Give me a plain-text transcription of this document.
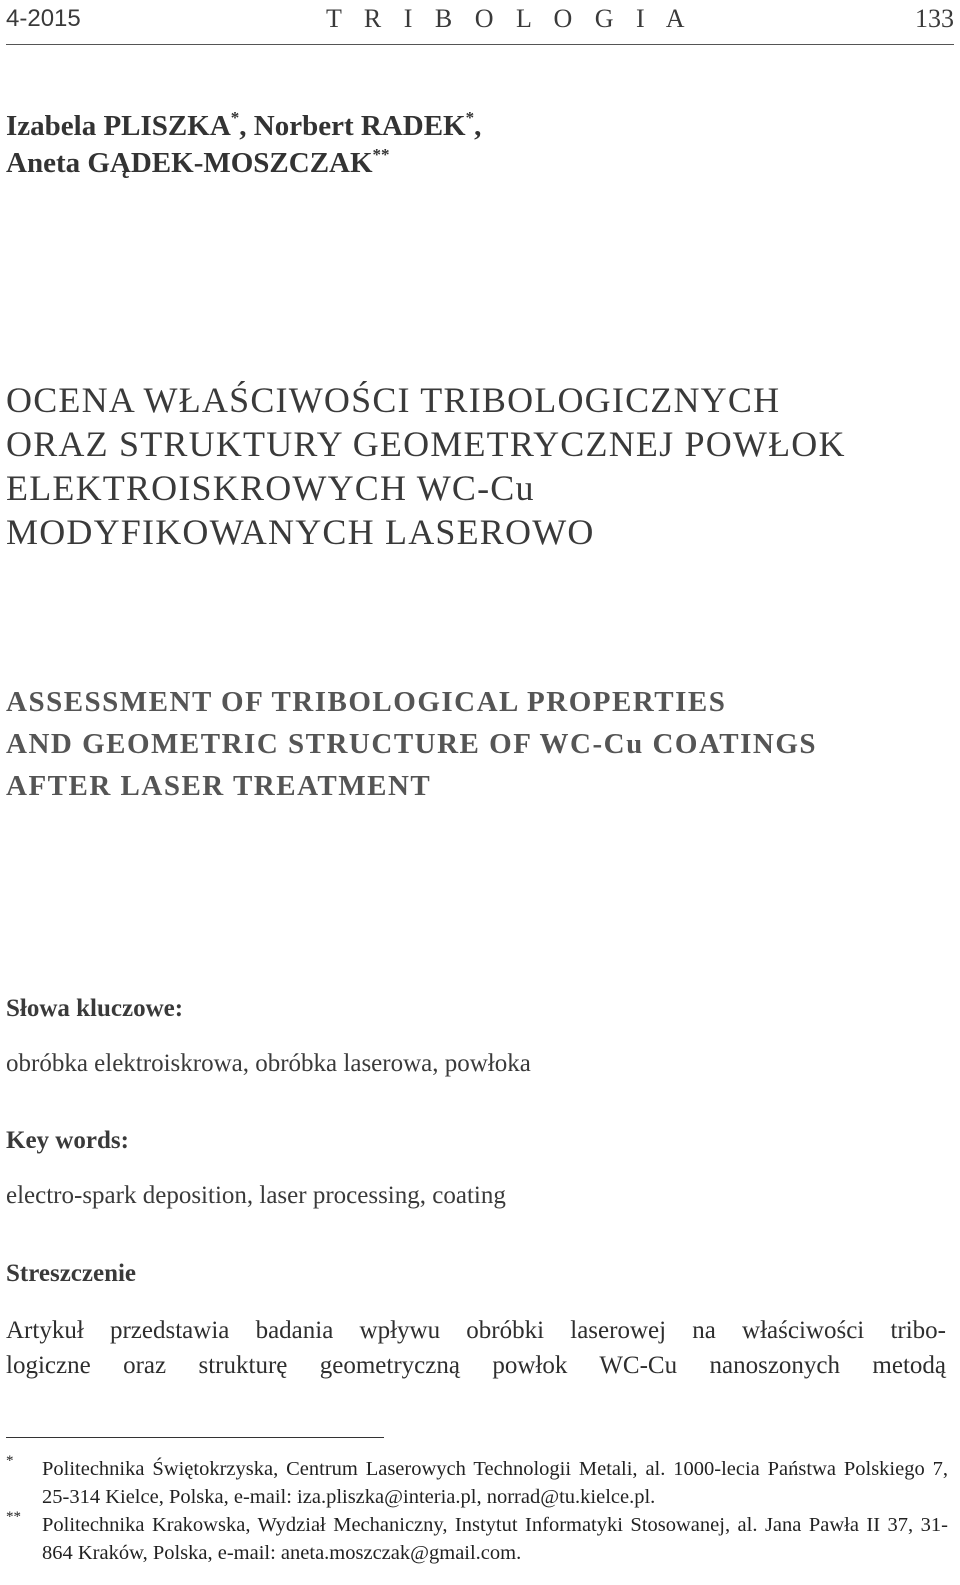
4-2015	T R I B O L O G I A	133
Izabela PLISZKA*, Norbert RADEK*,
Aneta GĄDEK-MOSZCZAK**
OCENA WŁAŚCIWOŚCI TRIBOLOGICZNYCH
ORAZ STRUKTURY GEOMETRYCZNEJ POWŁOK
ELEKTROISKROWYCH WC-Cu
MODYFIKOWANYCH LASEROWO
ASSESSMENT OF TRIBOLOGICAL PROPERTIES
AND GEOMETRIC STRUCTURE OF WC-Cu COATINGS
AFTER LASER TREATMENT
Słowa kluczowe:
obróbka elektroiskrowa, obróbka laserowa, powłoka
Key words:
electro-spark deposition, laser processing, coating
Streszczenie

Artykuł przedstawia badania wpływu obróbki laserowej na właściwości tribo-

logiczne oraz strukturę geometryczną powłok WC-Cu nanoszonych metodą

* Politechnika Świętokrzyska, Centrum Laserowych Technologii Metali, al. 1000-lecia Państwa Polskiego 7, 25-314 Kielce, Polska, e-mail: iza.pliszka@interia.pl, norrad@tu.kielce.pl.
** Politechnika Krakowska, Wydział Mechaniczny, Instytut Informatyki Stosowanej, al. Jana Pawła II 37, 31-864 Kraków, Polska, e-mail: aneta.moszczak@gmail.com.
